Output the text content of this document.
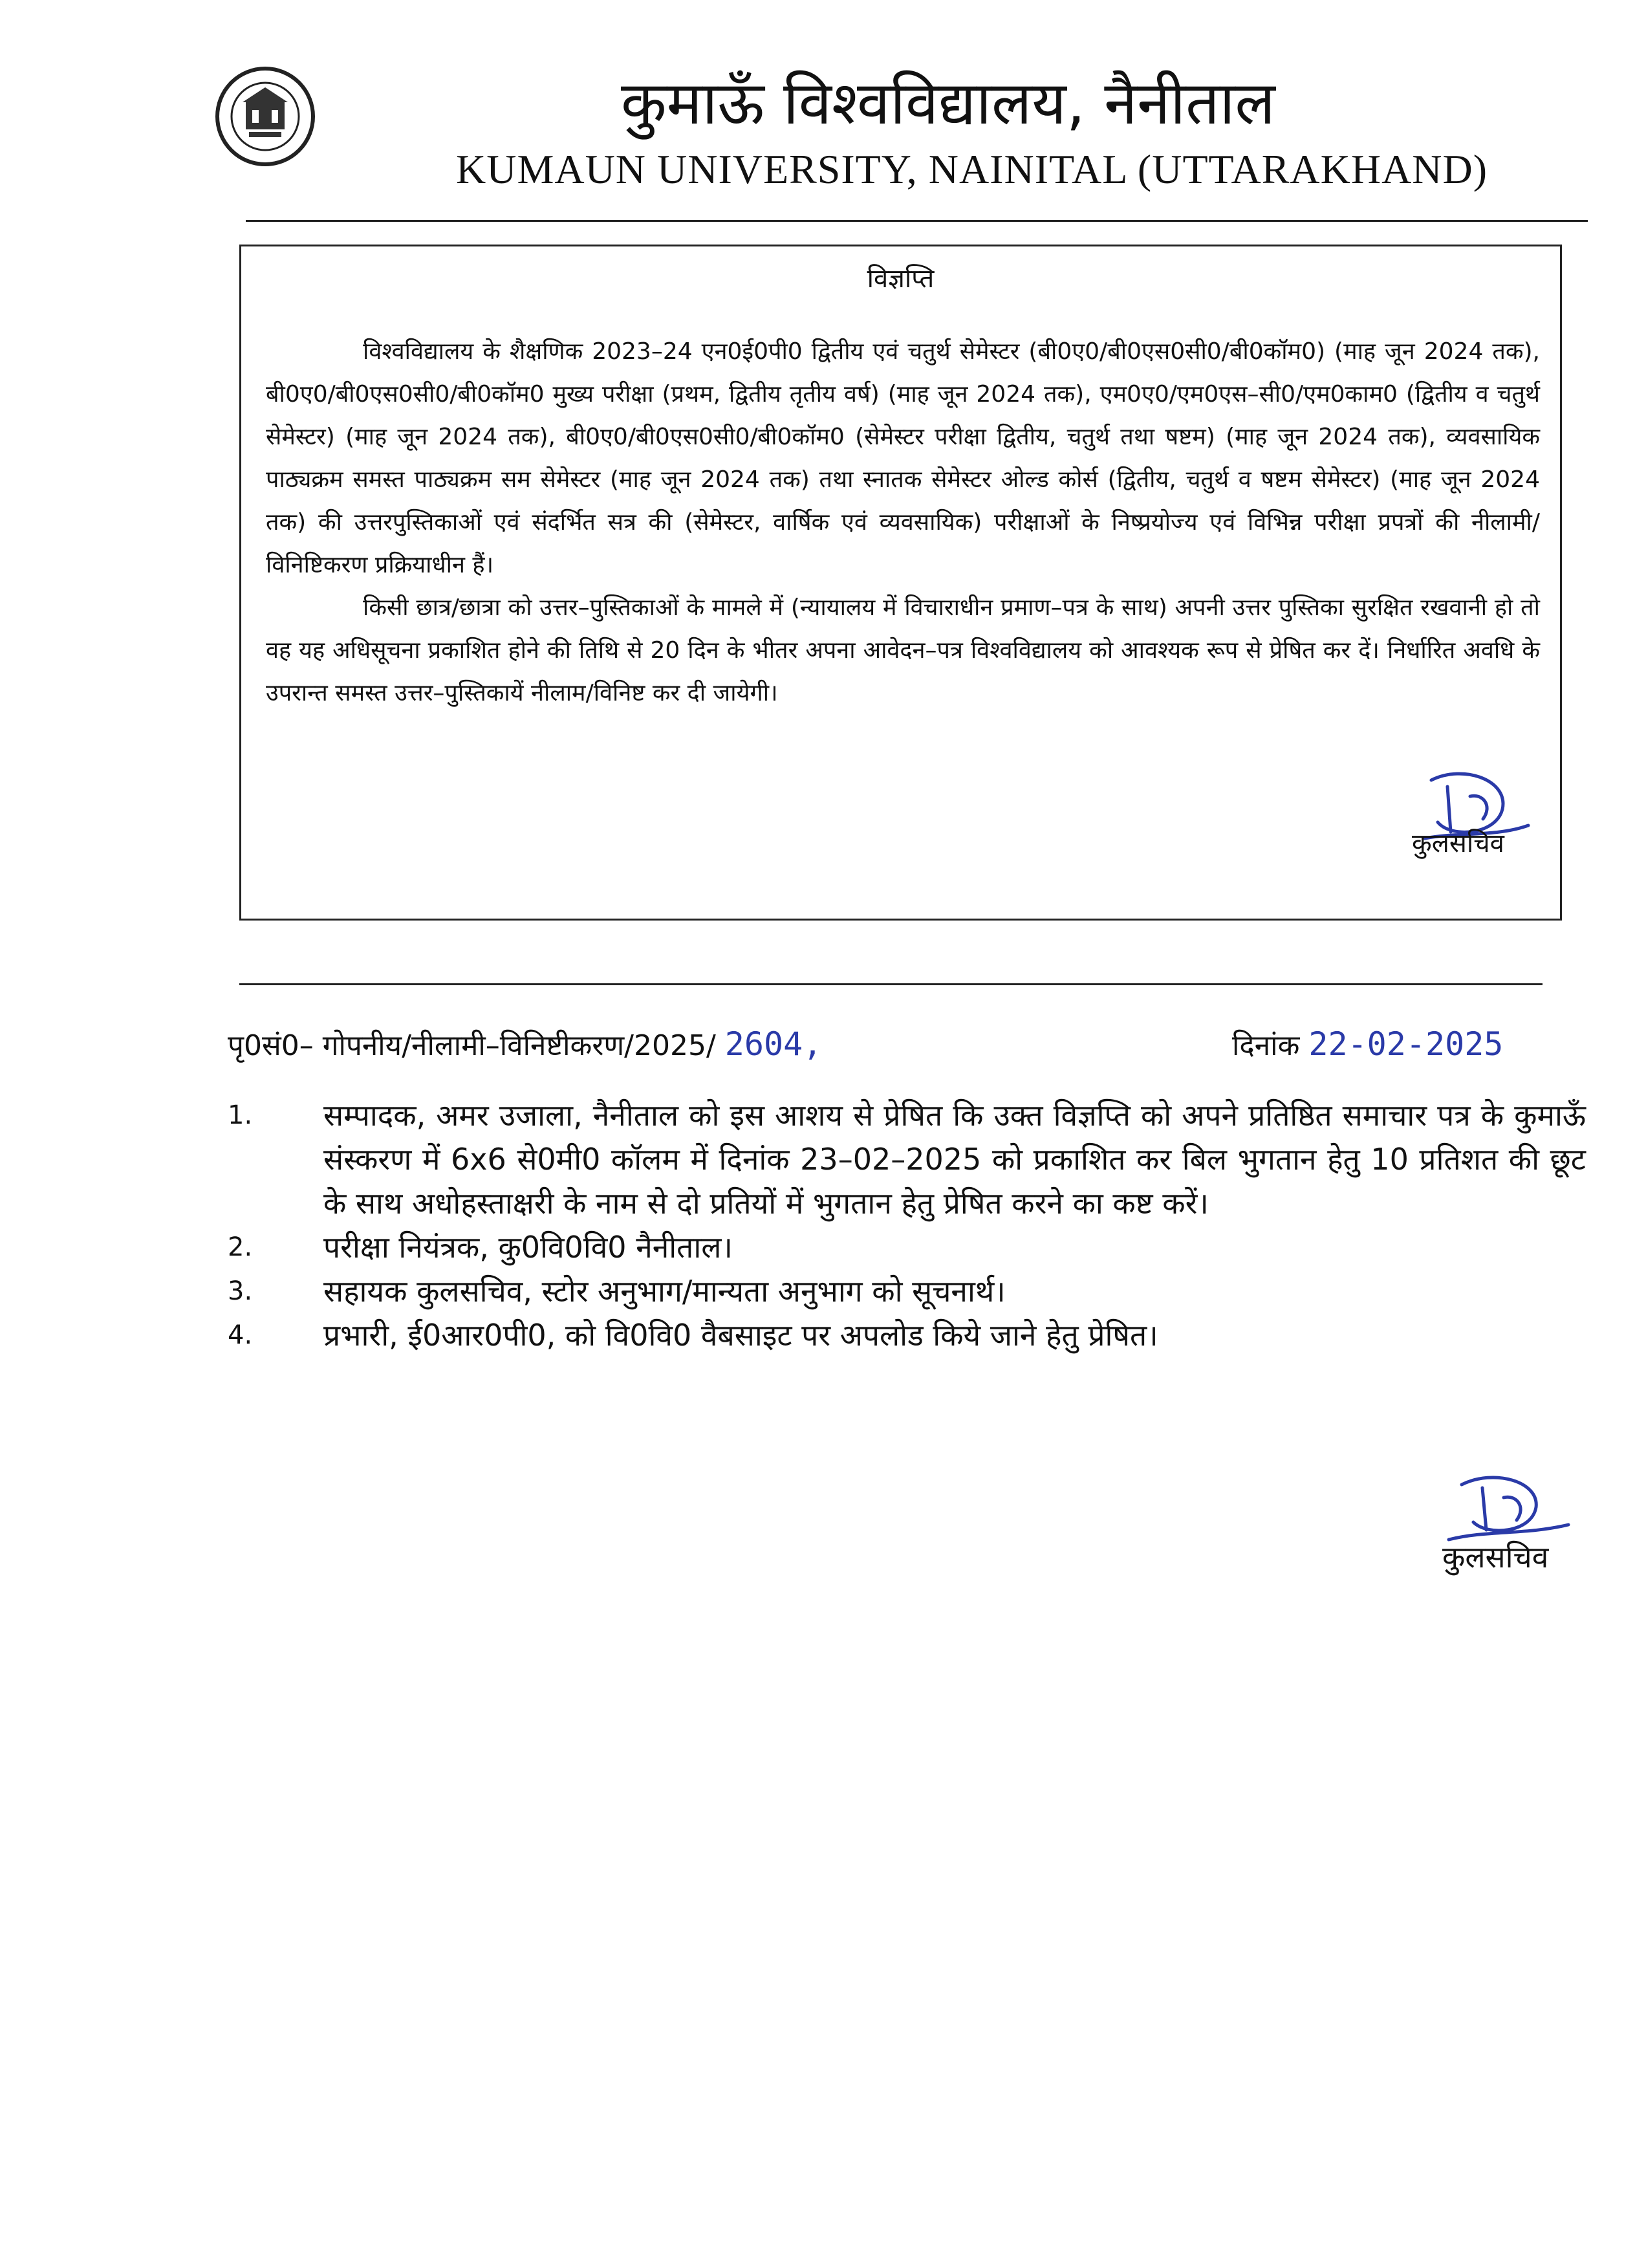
कुमाऊँ विश्वविद्यालय, नैनीताल
KUMAUN UNIVERSITY, NAINITAL (UTTARAKHAND)
विज्ञप्ति

विश्वविद्यालय के शैक्षणिक 2023–24 एन0ई0पी0 द्वितीय एवं चतुर्थ सेमेस्टर (बी0ए0/बी0एस0सी0/बी0कॉम0) (माह जून 2024 तक), बी0ए0/बी0एस0सी0/बी0कॉम0 मुख्य परीक्षा (प्रथम, द्वितीय तृतीय वर्ष) (माह जून 2024 तक), एम0ए0/एम0एस–सी0/एम0काम0 (द्वितीय व चतुर्थ सेमेस्टर) (माह जून 2024 तक), बी0ए0/बी0एस0सी0/बी0कॉम0 (सेमेस्टर परीक्षा द्वितीय, चतुर्थ तथा षष्टम) (माह जून 2024 तक), व्यवसायिक पाठ्यक्रम समस्त पाठ्यक्रम सम सेमेस्टर (माह जून 2024 तक) तथा स्नातक सेमेस्टर ओल्ड कोर्स (द्वितीय, चतुर्थ व षष्टम सेमेस्टर) (माह जून 2024 तक) की उत्तरपुस्तिकाओं एवं संदर्भित सत्र की (सेमेस्टर, वार्षिक एवं व्यवसायिक) परीक्षाओं के निष्प्रयोज्य एवं विभिन्न परीक्षा प्रपत्रों की नीलामी/विनिष्टिकरण प्रक्रियाधीन हैं।

किसी छात्र/छात्रा को उत्तर–पुस्तिकाओं के मामले में (न्यायालय में विचाराधीन प्रमाण–पत्र के साथ) अपनी उत्तर पुस्तिका सुरक्षित रखवानी हो तो वह यह अधिसूचना प्रकाशित होने की तिथि से 20 दिन के भीतर अपना आवेदन–पत्र विश्वविद्यालय को आवश्यक रूप से प्रेषित कर दें। निर्धारित अवधि के उपरान्त समस्त उत्तर–पुस्तिकायें नीलाम/विनिष्ट कर दी जायेगी।

कुलसचिव
पृ0सं0– गोपनीय/नीलामी–विनिष्टीकरण/2025/ 2604,	दिनांक 22-02-2025
1.	सम्पादक, अमर उजाला, नैनीताल को इस आशय से प्रेषित कि उक्त विज्ञप्ति को अपने प्रतिष्ठित समाचार पत्र के कुमाऊँ संस्करण में 6x6 से0मी0 कॉलम में दिनांक 23–02–2025 को प्रकाशित कर बिल भुगतान हेतु 10 प्रतिशत की छूट के साथ अधोहस्ताक्षरी के नाम से दो प्रतियों में भुगतान हेतु प्रेषित करने का कष्ट करें।
2.	परीक्षा नियंत्रक, कु0वि0वि0 नैनीताल।
3.	सहायक कुलसचिव, स्टोर अनुभाग/मान्यता अनुभाग को सूचनार्थ।
4.	प्रभारी, ई0आर0पी0, को वि0वि0 वैबसाइट पर अपलोड किये जाने हेतु प्रेषित।
कुलसचिव
